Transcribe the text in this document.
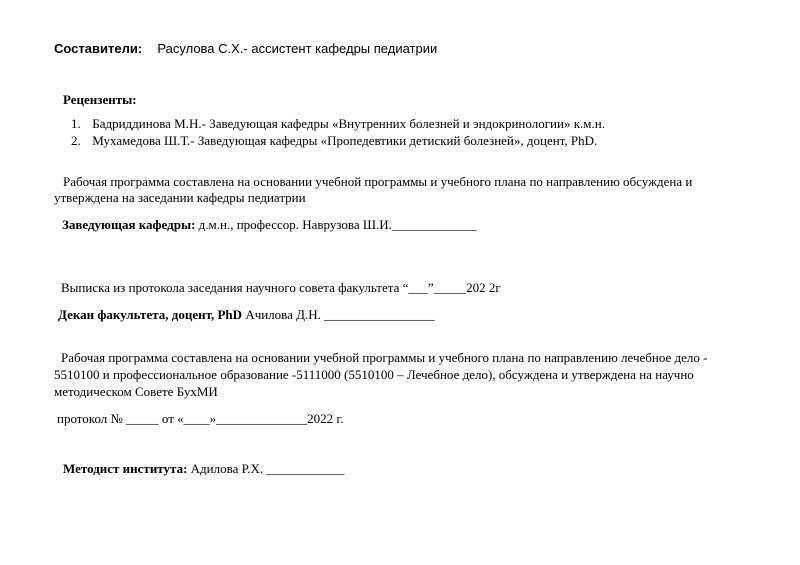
Составители: Расулова С.Х.- ассистент кафедры педиатрии
Рецензенты:
1. Бадриддинова М.Н.- Заведующая кафедры «Внутренних болезней и эндокринологии» к.м.н.
2. Мухамедова Ш.Т.- Заведующая кафедры «Пропедевтики детиский болезней», доцент, PhD.
Рабочая программа составлена на основании учебной программы и учебного плана по направлению обсуждена и
утверждена на заседании кафедры педиатрии
Заведующая кафедры: д.м.н., профессор. Наврузова Ш.И._____________
Выписка из протокола заседания научного совета факультета “___”_____202 2г
Декан факультета, доцент, PhD Ачилова Д.Н. _________________
Рабочая программа составлена на основании учебной программы и учебного плана по направлению лечебное дело -
5510100 и профессиональное образование -5111000 (5510100 – Лечебное дело), обсуждена и утверждена на научно
методическом Совете БухМИ
протокол № _____ от «____»______________2022 г.
Методист института: Адилова Р.Х. ____________
